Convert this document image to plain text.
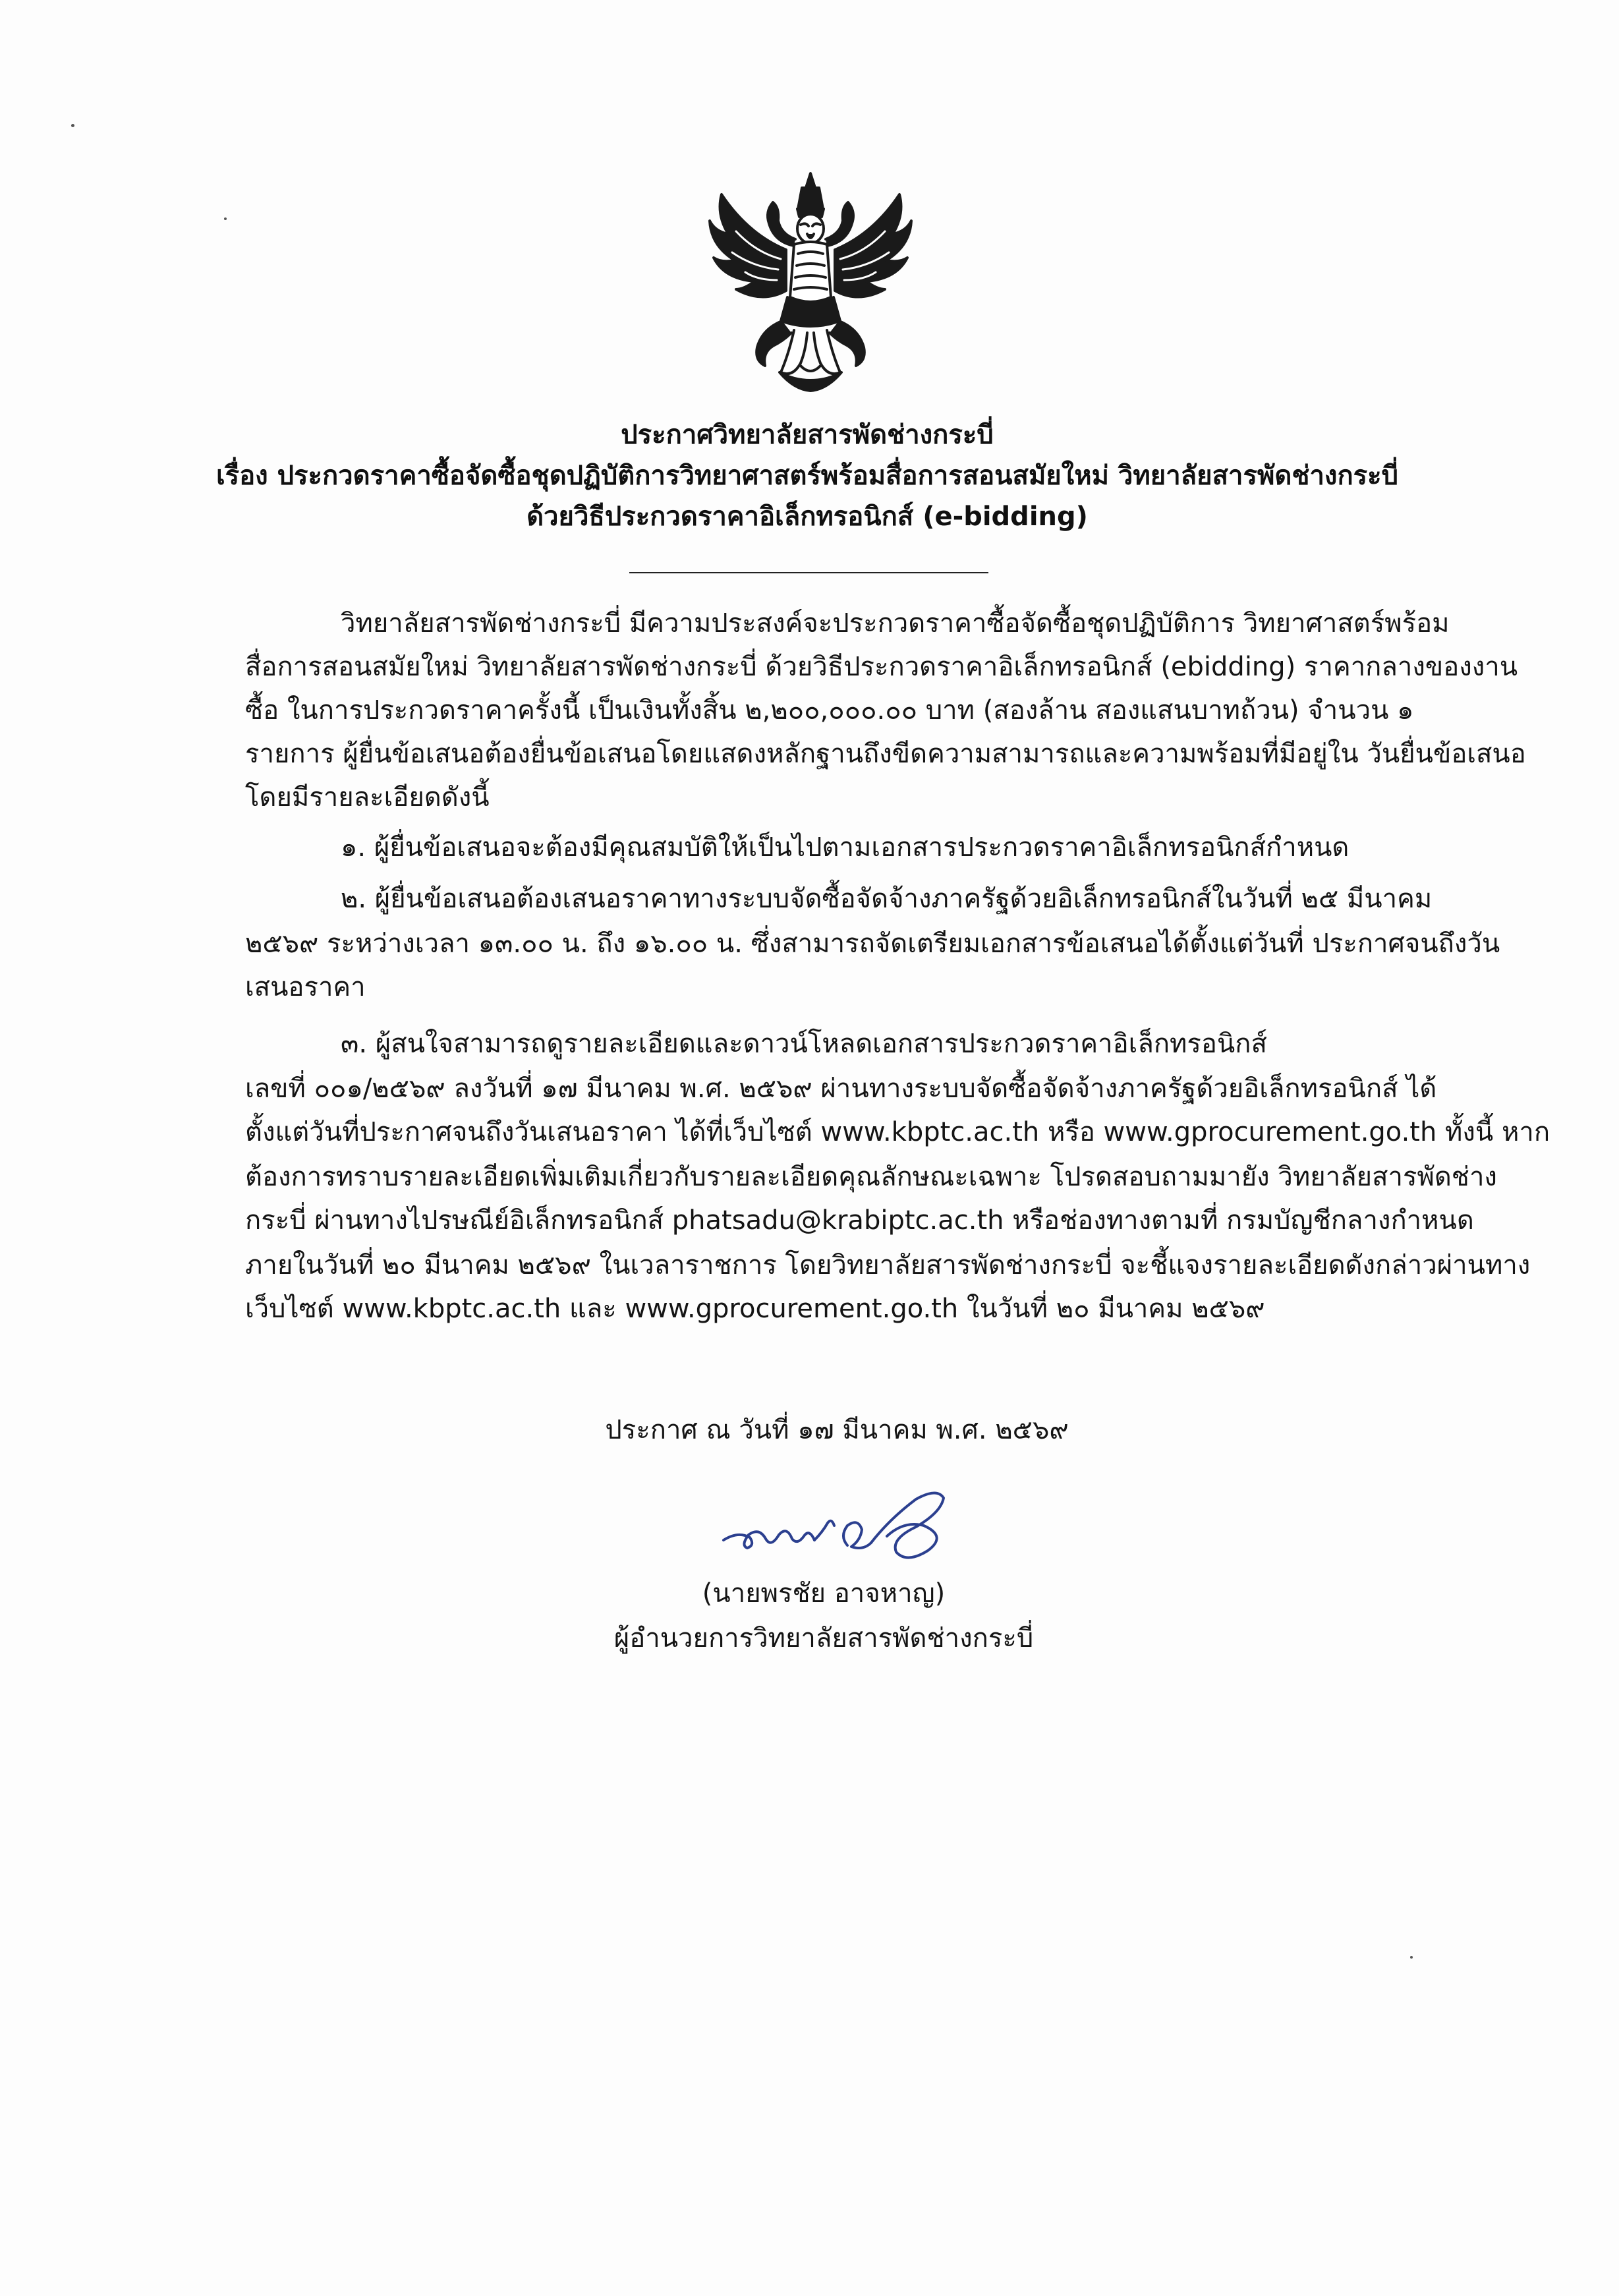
ประกาศวิทยาลัยสารพัดช่างกระบี่
เรื่อง ประกวดราคาซื้อจัดซื้อชุดปฏิบัติการวิทยาศาสตร์พร้อมสื่อการสอนสมัยใหม่ วิทยาลัยสารพัดช่างกระบี่
ด้วยวิธีประกวดราคาอิเล็กทรอนิกส์ (e-bidding)
วิทยาลัยสารพัดช่างกระบี่ มีความประสงค์จะประกวดราคาซื้อจัดซื้อชุดปฏิบัติการ วิทยาศาสตร์พร้อม
สื่อการสอนสมัยใหม่ วิทยาลัยสารพัดช่างกระบี่ ด้วยวิธีประกวดราคาอิเล็กทรอนิกส์ (ebidding) ราคากลางของงาน
ซื้อ ในการประกวดราคาครั้งนี้ เป็นเงินทั้งสิ้น ๒,๒๐๐,๐๐๐.๐๐ บาท (สองล้าน สองแสนบาทถ้วน) จำนวน ๑
รายการ ผู้ยื่นข้อเสนอต้องยื่นข้อเสนอโดยแสดงหลักฐานถึงขีดความสามารถและความพร้อมที่มีอยู่ใน วันยื่นข้อเสนอ
โดยมีรายละเอียดดังนี้
๑. ผู้ยื่นข้อเสนอจะต้องมีคุณสมบัติให้เป็นไปตามเอกสารประกวดราคาอิเล็กทรอนิกส์กำหนด
๒. ผู้ยื่นข้อเสนอต้องเสนอราคาทางระบบจัดซื้อจัดจ้างภาครัฐด้วยอิเล็กทรอนิกส์ในวันที่ ๒๕ มีนาคม
๒๕๖๙ ระหว่างเวลา ๑๓.๐๐ น. ถึง ๑๖.๐๐ น. ซึ่งสามารถจัดเตรียมเอกสารข้อเสนอได้ตั้งแต่วันที่ ประกาศจนถึงวัน
เสนอราคา
๓. ผู้สนใจสามารถดูรายละเอียดและดาวน์โหลดเอกสารประกวดราคาอิเล็กทรอนิกส์
เลขที่ ๐๐๑/๒๕๖๙ ลงวันที่ ๑๗ มีนาคม พ.ศ. ๒๕๖๙ ผ่านทางระบบจัดซื้อจัดจ้างภาครัฐด้วยอิเล็กทรอนิกส์ ได้
ตั้งแต่วันที่ประกาศจนถึงวันเสนอราคา ได้ที่เว็บไซต์ www.kbptc.ac.th หรือ www.gprocurement.go.th ทั้งนี้ หาก
ต้องการทราบรายละเอียดเพิ่มเติมเกี่ยวกับรายละเอียดคุณลักษณะเฉพาะ โปรดสอบถามมายัง วิทยาลัยสารพัดช่าง
กระบี่ ผ่านทางไปรษณีย์อิเล็กทรอนิกส์ phatsadu@krabiptc.ac.th หรือช่องทางตามที่ กรมบัญชีกลางกำหนด
ภายในวันที่ ๒๐ มีนาคม ๒๕๖๙ ในเวลาราชการ โดยวิทยาลัยสารพัดช่างกระบี่ จะชี้แจงรายละเอียดดังกล่าวผ่านทาง
เว็บไซต์ www.kbptc.ac.th และ www.gprocurement.go.th ในวันที่ ๒๐ มีนาคม ๒๕๖๙
ประกาศ ณ วันที่ ๑๗ มีนาคม พ.ศ. ๒๕๖๙
(นายพรชัย อาจหาญ)
ผู้อำนวยการวิทยาลัยสารพัดช่างกระบี่
